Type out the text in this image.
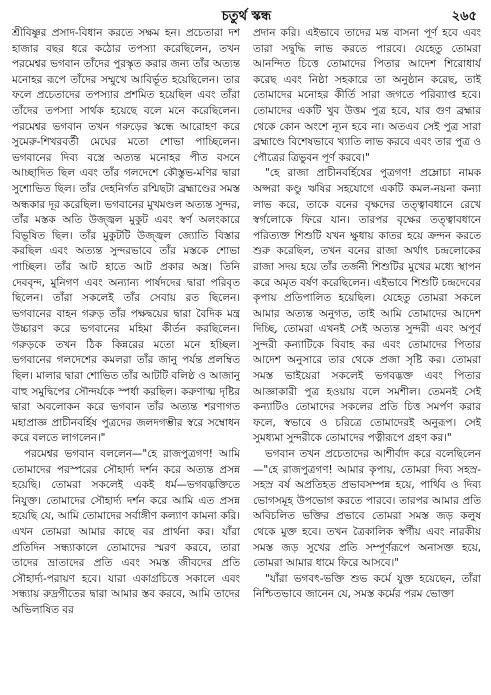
চতুর্থ স্কন্ধ	২৬৫

শ্রীবিষ্ণুর প্রসাদ-বিধান করতে সক্ষম হন। প্রচেতারা দশ হাজার বছর ধরে কঠোর তপস্যা করেছিলেন, তখন পরমেশ্বর ভগবান তাঁদের পুরস্কৃত করার জন্য তাঁর অত্যন্ত মনোহর রূপে তাঁদের সম্মুখে আবির্ভূত হয়েছিলেন। তার ফলে প্রচেতাদের তপস্যার প্রশমিত হয়েছিল এবং তাঁরা তাঁদের তপস্যা সার্থক হয়েছে বলে মনে করেছিলেন। পরমেশ্বর ভগবান তখন গরুড়ের স্কন্ধে আরোহণ করে সুমেরু-শিখরবর্তী মেঘের মতো শোভা পাচ্ছিলেন। ভগবানের দিব্য বস্ত্রে অত্যন্ত মনোহর পীত বসনে আচ্ছাদিত ছিল এবং তাঁর গলদেশে কৌস্তুভ-মণির দ্বারা সুশোভিত ছিল। তাঁর দেহনির্গত রশ্মিছটা ব্রহ্মাণ্ডের সমস্ত অন্ধকার দূর করেছিল। ভগবানের মুখমণ্ডল অত্যন্ত সুন্দর, তাঁর মস্তক অতি উজ্জ্বল মুকুট এবং স্বর্ণ অলংকারে বিভূষিত ছিল। তাঁর মুকুটটি উজ্জ্বল জ্যোতি বিস্তার করছিল এবং অত্যন্ত সুন্দরভাবে তাঁর মস্তকে শোভা পাচ্ছিল। তাঁর আট হাতে আট প্রকার অস্ত্র। তিনি দেববৃন্দ, মুনিগণ এবং অন্যান্য পার্ষদদের দ্বারা পরিবৃত ছিলেন। তাঁরা সকলেই তাঁর সেবায় রত ছিলেন। ভগবানের বাহন গরুড় তাঁর পক্ষদ্বয়ের দ্বারা বৈদিক মন্ত্র উচ্চারণ করে ভগবানের মহিমা কীর্তন করছিলেন। গরুড়কে তখন ঠিক কিন্নরের মতো মনে হচ্ছিল। ভগবানের গলদেশের কমলরা তাঁর জানু পর্যন্ত প্রলম্বিত ছিল। মালার দ্বারা শোভিত তাঁর আটটি বলিষ্ঠ ও আজানু বাহু সমুদ্বিপের সৌন্দর্যকে স্পর্ধা করছিল। করুণাত্ম দৃষ্টির দ্বারা অবলোকন করে ভগবান তাঁর অত্যন্ত শরণাগত মহাপ্রাজ্ঞ প্রাচীনবর্হিষ পুত্রদের জলদগম্ভীর স্বরে সম্বোধন করে বলতে লাগলেন।"

পরমেশ্বর ভগবান বললেন—"হে রাজপুত্রগণ! আমি তোমাদের পরস্পরের সৌহার্দ্য দর্শন করে অত্যন্ত প্রসন্ন হয়েছি। তোমরা সকলেই একই ধর্ম—ভগবদ্ভক্তিতে নিযুক্ত। তোমাদের সৌহার্দ্য দর্শন করে আমি এত প্রসন্ন হয়েছি যে, আমি তোমাদের সর্বাঙ্গীণ কল্যাণ কামনা করি। এখন তোমরা আমার কাছে বর প্রার্থনা কর। যাঁরা প্রতিদিন সন্ধ্যাকালে তোমাদের স্মরণ করবে, তারা তাদের ভ্রাতাদের প্রতি এবং সমস্ত জীবদের প্রতি সৌহার্দ্য-পরায়ণ হবে। যারা একাগ্রচিত্তে সকালে এবং সন্ধ্যায় রুদ্রগীতের দ্বারা আমার স্তব করবে, আমি তাদের অভিলাষিত বর

প্রদান করি। এইভাবে তাদের মন্ত বাসনা পূর্ণ হবে এবং তারা সদ্বুদ্ধি লাভ করতে পারবে। যেহেতু তোমরা আনন্দিত চিত্তে তোমাদের পিতার আদেশ শিরোধার্য করেছ এবং নিষ্ঠা সহকারে তা অনুষ্ঠান করেছ, তাই তোমাদের মনোহর কীর্তি সারা জগতে পরিব্যাপ্ত হবে। তোমাদের একটি খুব উত্তম পুত্র হবে, যার গুণ ব্রহ্মার থেকে কোন অংশে ন্যূন হবে না। অতএব সেই পুত্র সারা ব্রহ্মাণ্ডে বিশেষভাবে খ্যাতি লাভ করবে এবং তার পুত্র ও পৌত্রের ত্রিভুবন পূর্ণ করবে।"

"হে রাজা প্রাচীনবর্হিষের পুত্রগণ! প্রম্লোচা নামক অপ্সরা কণ্ডু ঋষির সহযোগে একটি কমল-নয়না কন্যা লাভ করে, তাকে বনের বৃক্ষদের তত্ত্বাবধানে রেখে স্বর্গলোকে ফিরে যান। তারপর বৃক্ষের তত্ত্বাবধানে পরিত্যক্ত শিশুটি যখন ক্ষুধায় কাতর হয়ে ক্রন্দন করতে শুরু করেছিল, তখন বনের রাজা অর্থাৎ চন্দ্রলোকের রাজা সদয় হয়ে তাঁর তর্জনী শিশুটির মুখের মধ্যে স্থাপন করে অমৃত বর্ষণ করেছিলেন। এইভাবে শিশুটি চন্দ্রদেবের কৃপায় প্রতিপালিত হয়েছিল। যেহেতু তোমরা সকলে আমার অত্যন্ত অনুগত, তাই আমি তোমাদের আদেশ দিচ্ছি, তোমরা এখনই সেই অত্যন্ত সুন্দরী এবং অপূর্ব সুন্দরী কন্যাটিকে বিবাহ কর এবং তোমাদের পিতার আদেশ অনুসারে তার থেকে প্রজা সৃষ্টি কর। তোমরা সমস্ত ভাইয়েরা সকলেই ভগবদ্ভক্ত এবং পিতার আজ্ঞাকারী পুত্র হওয়ায় বলে সমশীল। তেমনই সেই কন্যাটিও তোমাদের সকলের প্রতি চিত্ত সমর্পণ করার ফলে, স্বভাবে ও চরিত্রে তোমাদেরই অনুরূপ। সেই সুমধ্যমা সুন্দরীকে তোমাদের পত্নীরূপে গ্রহণ কর।"

ভগবান তখন প্রচেতাদের আশীর্বাদ করে বলেছিলেন—"হে রাজপুত্রগণ! আমার কৃপায়, তোমরা দিব্য সহস্র-সহস্র বর্ষ অপ্রতিহত প্রভাবসম্পন্ন হয়ে, পার্থিব ও দিব্য ভোগসমূহ উপভোগ করতে পারবে। তারপর আমার প্রতি অবিচলিত ভক্তির প্রভাবে তোমরা সমস্ত জড় কলুষ থেকে মুক্ত হবে। তখন ত্রৈকালিক স্বর্গীয় এবং নারকীয় সমস্ত জড় সুখের প্রতি সম্পূর্ণরূপে অনাসক্ত হয়ে, তোমরা আমার ধামে ফিরে আসবে।"

"যাঁরা ভগবৎ-ভক্তি শুভ কর্মে যুক্ত হয়েছেন, তাঁরা নিশ্চিতভাবে জানেন যে, সমস্ত কর্মের পরম ভোক্তা
